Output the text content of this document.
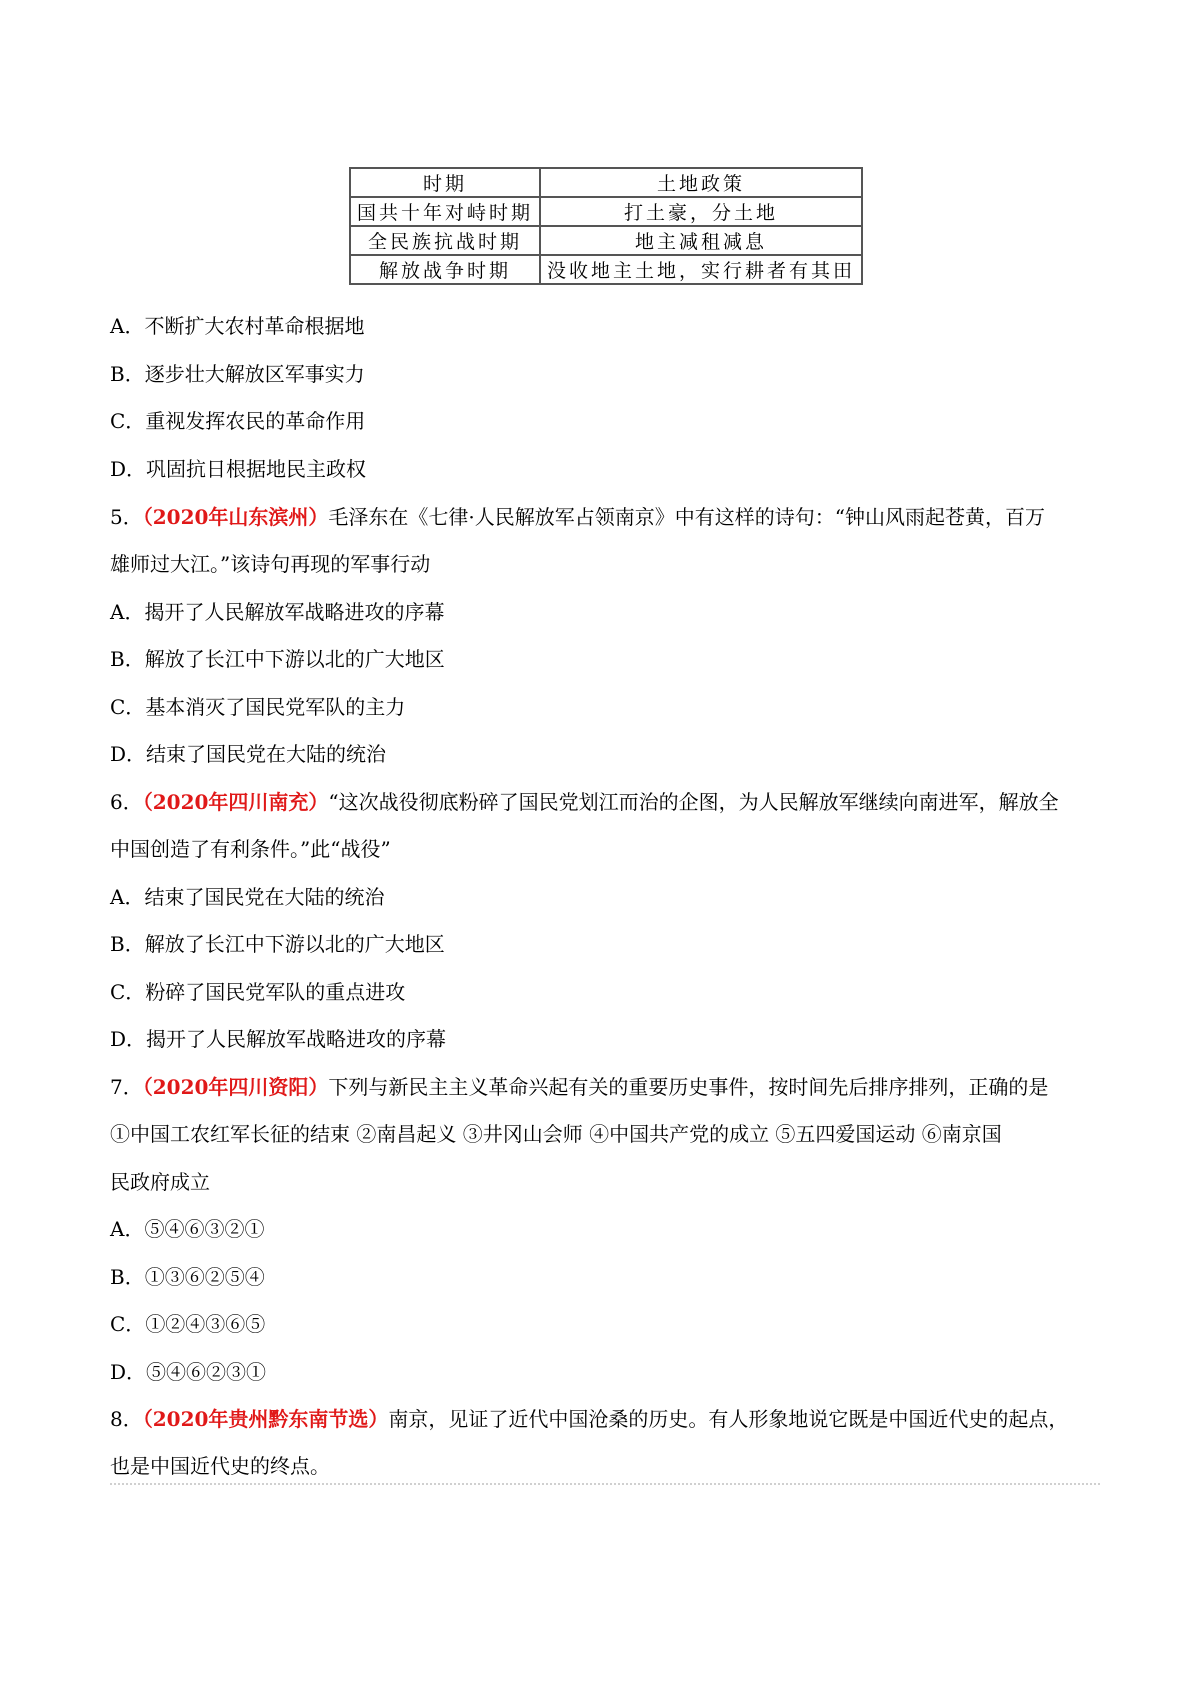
时期	土地政策
国共十年对峙时期	打土豪，分土地
全民族抗战时期	地主减租减息
解放战争时期	没收地主土地，实行耕者有其田
A．不断扩大农村革命根据地
B．逐步壮大解放区军事实力
C．重视发挥农民的革命作用
D．巩固抗日根据地民主政权
5．（2020年山东滨州）毛泽东在《七律·人民解放军占领南京》中有这样的诗句：“钟山风雨起苍黄，百万
雄师过大江。”该诗句再现的军事行动
A．揭开了人民解放军战略进攻的序幕
B．解放了长江中下游以北的广大地区
C．基本消灭了国民党军队的主力
D．结束了国民党在大陆的统治
6．（2020年四川南充）“这次战役彻底粉碎了国民党划江而治的企图，为人民解放军继续向南进军，解放全
中国创造了有利条件。”此“战役”
A．结束了国民党在大陆的统治
B．解放了长江中下游以北的广大地区
C．粉碎了国民党军队的重点进攻
D．揭开了人民解放军战略进攻的序幕
7．（2020年四川资阳）下列与新民主主义革命兴起有关的重要历史事件，按时间先后排序排列，正确的是
①中国工农红军长征的结束 ②南昌起义 ③井冈山会师 ④中国共产党的成立 ⑤五四爱国运动 ⑥南京国
民政府成立
A．⑤④⑥③②①
B．①③⑥②⑤④
C．①②④③⑥⑤
D．⑤④⑥②③①
8．（2020年贵州黔东南节选）南京，见证了近代中国沧桑的历史。有人形象地说它既是中国近代史的起点，
也是中国近代史的终点。
